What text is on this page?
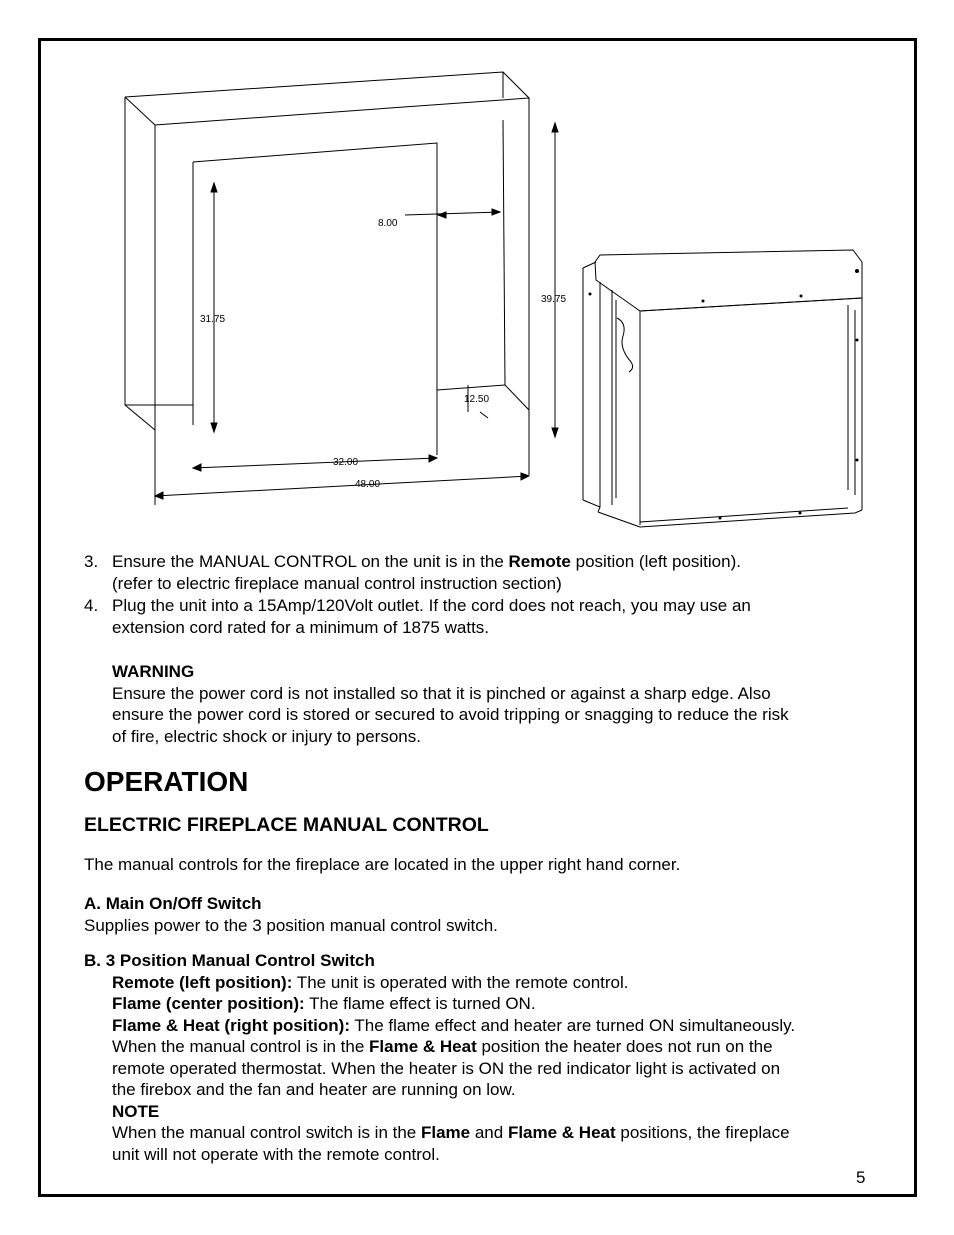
8.00
31.75
39.75
12.50
32.00
48.00
3. Ensure the MANUAL CONTROL on the unit is in the Remote position (left position).
(refer to electric fireplace manual control instruction section)
4. Plug the unit into a 15Amp/120Volt outlet. If the cord does not reach, you may use an
extension cord rated for a minimum of 1875 watts.
WARNING
Ensure the power cord is not installed so that it is pinched or against a sharp edge. Also
ensure the power cord is stored or secured to avoid tripping or snagging to reduce the risk
of fire, electric shock or injury to persons.
OPERATION
ELECTRIC FIREPLACE MANUAL CONTROL
The manual controls for the fireplace are located in the upper right hand corner.
A. Main On/Off Switch
Supplies power to the 3 position manual control switch.
B. 3 Position Manual Control Switch
Remote (left position): The unit is operated with the remote control.
Flame (center position): The flame effect is turned ON.
Flame & Heat (right position): The flame effect and heater are turned ON simultaneously.
When the manual control is in the Flame & Heat position the heater does not run on the
remote operated thermostat. When the heater is ON the red indicator light is activated on
the firebox and the fan and heater are running on low.
NOTE
When the manual control switch is in the Flame and Flame & Heat positions, the fireplace
unit will not operate with the remote control.
5
